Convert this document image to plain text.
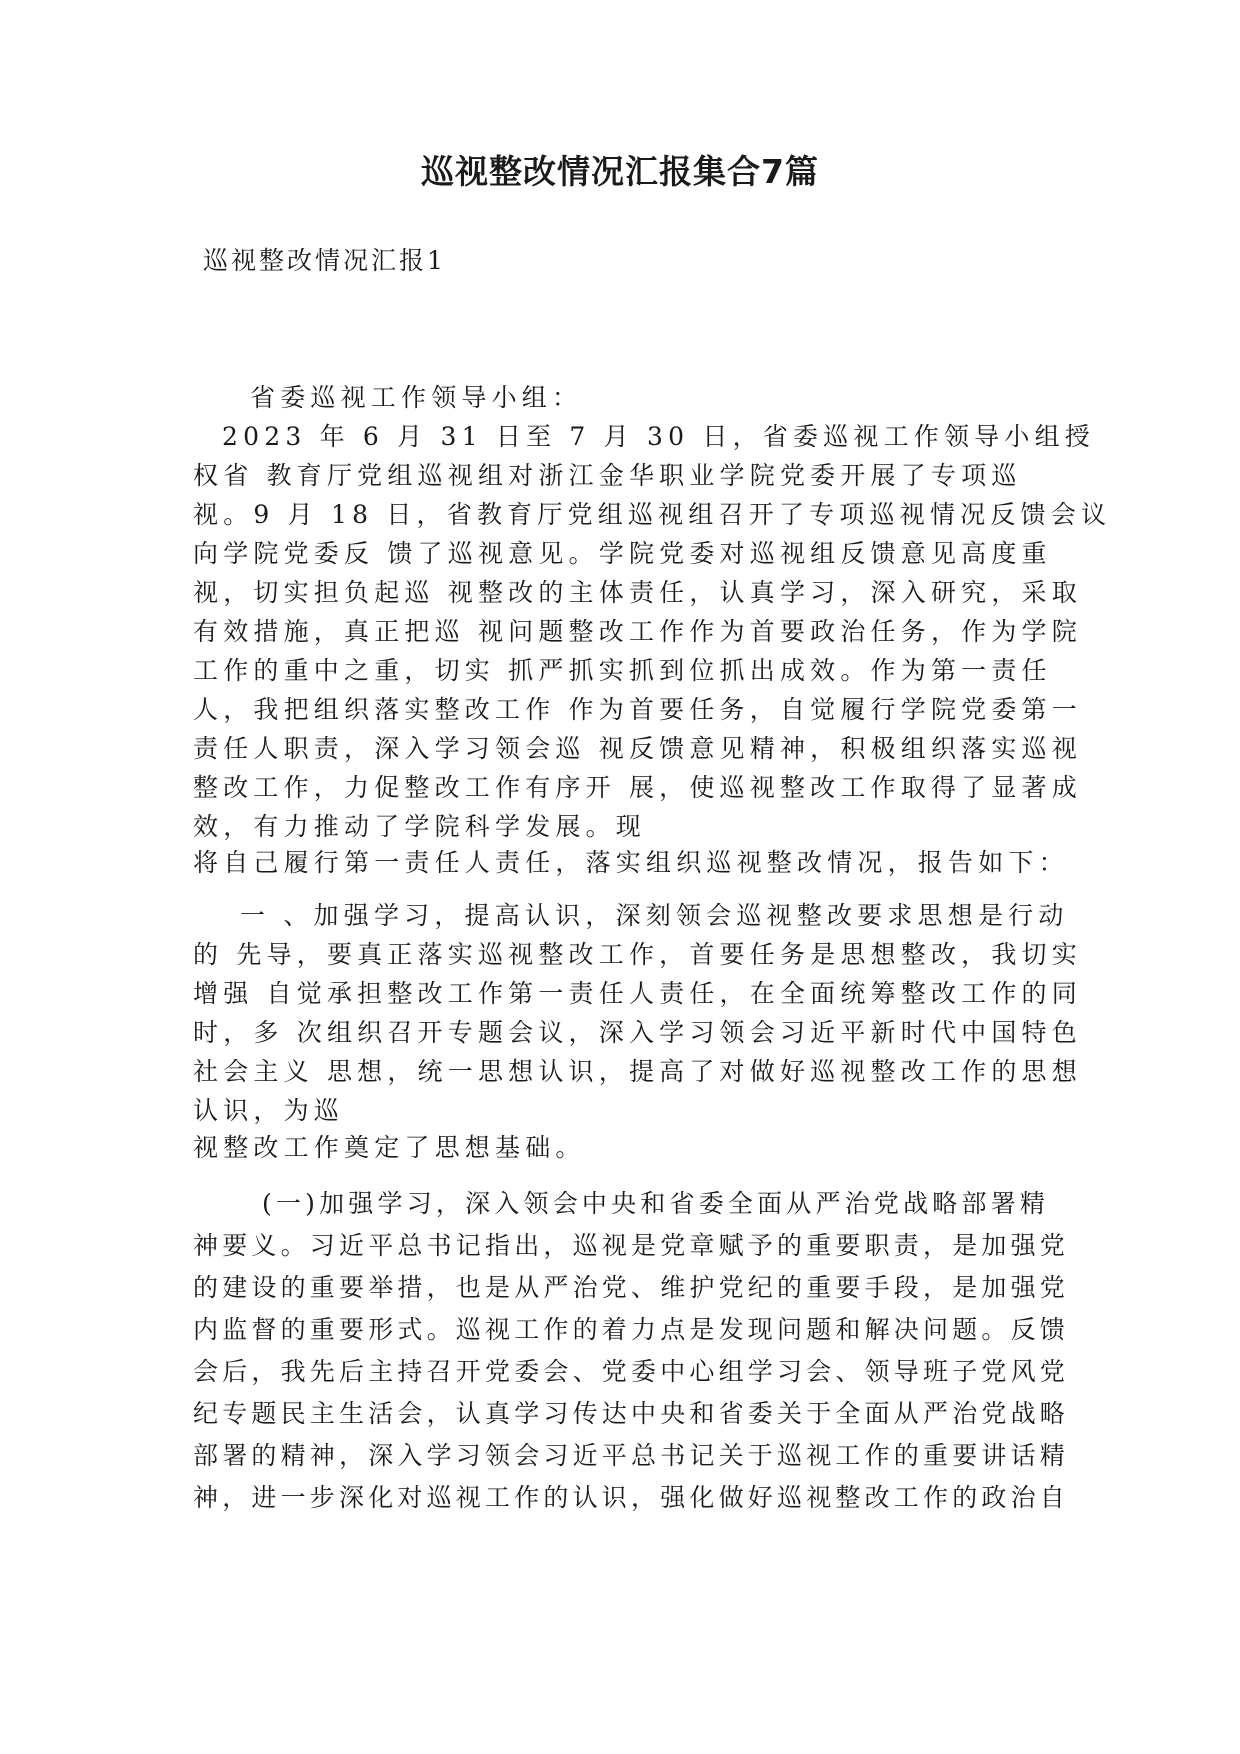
巡视整改情况汇报集合7篇
巡视整改情况汇报1
省委巡视工作领导小组：
2023 年 6 月 31 日至 7 月 30 日，省委巡视工作领导小组授
权省 教育厅党组巡视组对浙江金华职业学院党委开展了专项巡
视。9 月 18 日，省教育厅党组巡视组召开了专项巡视情况反馈会议
向学院党委反 馈了巡视意见。学院党委对巡视组反馈意见高度重
视，切实担负起巡 视整改的主体责任，认真学习，深入研究，采取
有效措施，真正把巡 视问题整改工作作为首要政治任务，作为学院
工作的重中之重，切实 抓严抓实抓到位抓出成效。作为第一责任
人，我把组织落实整改工作 作为首要任务，自觉履行学院党委第一
责任人职责，深入学习领会巡 视反馈意见精神，积极组织落实巡视
整改工作，力促整改工作有序开 展，使巡视整改工作取得了显著成
效，有力推动了学院科学发展。现
将自己履行第一责任人责任，落实组织巡视整改情况，报告如下：
一 、加强学习，提高认识，深刻领会巡视整改要求思想是行动
的 先导，要真正落实巡视整改工作，首要任务是思想整改，我切实
增强 自觉承担整改工作第一责任人责任，在全面统筹整改工作的同
时，多 次组织召开专题会议，深入学习领会习近平新时代中国特色
社会主义 思想，统一思想认识，提高了对做好巡视整改工作的思想
认识，为巡
视整改工作奠定了思想基础。
(一)加强学习，深入领会中央和省委全面从严治党战略部署精
神要义。习近平总书记指出，巡视是党章赋予的重要职责，是加强党
的建设的重要举措，也是从严治党、维护党纪的重要手段，是加强党
内监督的重要形式。巡视工作的着力点是发现问题和解决问题。反馈
会后，我先后主持召开党委会、党委中心组学习会、领导班子党风党
纪专题民主生活会，认真学习传达中央和省委关于全面从严治党战略
部署的精神，深入学习领会习近平总书记关于巡视工作的重要讲话精
神，进一步深化对巡视工作的认识，强化做好巡视整改工作的政治自
